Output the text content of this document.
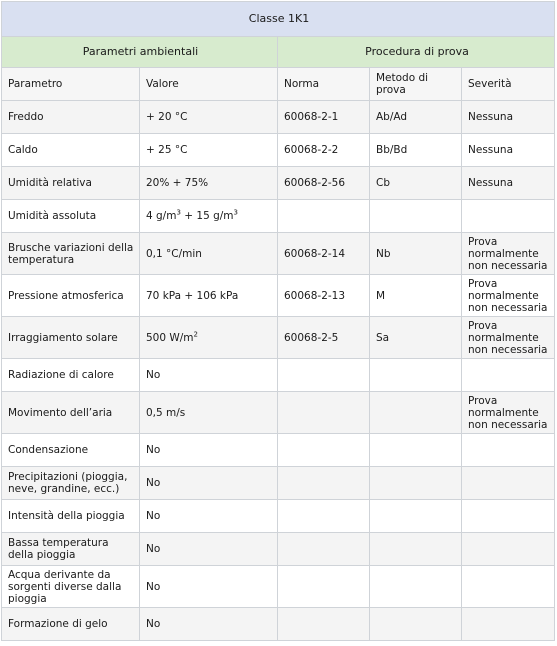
Classe 1K1				
Parametri ambientali		Procedura di prova		
Parametro	Valore	Norma	Metodo di prova	Severità
Freddo	+ 20 °C	60068-2-1	Ab/Ad	Nessuna
Caldo	+ 25 °C	60068-2-2	Bb/Bd	Nessuna
Umidità relativa	20% + 75%	60068-2-56	Cb	Nessuna
Umidità assoluta	4 $g/m^3 + 15$ $g/m^3$			
Brusche variazioni della temperatura	0,1 °C/min	60068-2-14	Nb	Prova normalmente non necessaria
Pressione atmosferica	70 kPa + 106 kPa	60068-2-13	M	Prova normalmente non necessaria
Irraggiamento solare	500 $W/m^2$	60068-2-5	Sa	Prova normalmente non necessaria
Radiazione di calore	No			
Movimento dell’aria	0,5 m/s			Prova normalmente non necessaria
Condensazione	No			
Precipitazioni (pioggia, neve, grandine, ecc.)	No			
Intensità della pioggia	No			
Bassa temperatura della pioggia	No			
Acqua derivante da sorgenti diverse dalla pioggia	No			
Formazione di gelo	No			
